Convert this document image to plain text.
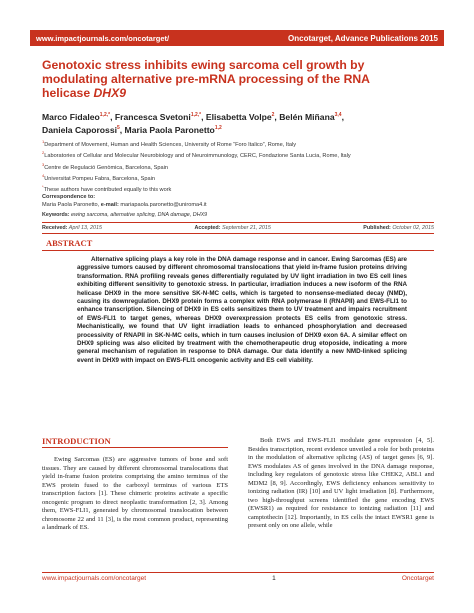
www.impactjournals.com/oncotarget/	Oncotarget, Advance Publications 2015
Genotoxic stress inhibits ewing sarcoma cell growth by
modulating alternative pre-mRNA processing of the RNA
helicase DHX9
Marco Fidaleo$^{1,2,*}$, Francesca Svetoni$^{1,2,*}$, Elisabetta Volpe$^2$, Belén Miñana$^{3,4}$,
Daniela Caporossi$^5$, Maria Paola Paronetto$^{1,2}$
$^1$Department of Movement, Human and Health Sciences, University of Rome “Foro Italico”, Rome, Italy
$^2$Laboratories of Cellular and Molecular Neurobiology and of Neuroimmunology, CERC, Fondazione Santa Lucia, Rome, Italy
$^3$Centre de Regulació Genòmica, Barcelona, Spain
$^4$Universitat Pompeu Fabra, Barcelona, Spain
*These authors have contributed equally to this work
Correspondence to:
Maria Paola Paronetto, e-mail: mariapaola.paronetto@uniroma4.it
Keywords: ewing sarcoma, alternative splicing, DNA damage, DHX9
Received: April 13, 2015	Accepted: September 21, 2015	Published: October 02, 2015
ABSTRACT
Alternative splicing plays a key role in the DNA damage response and in cancer. Ewing Sarcomas (ES) are aggressive tumors caused by different chromosomal translocations that yield in-frame fusion proteins driving transformation. RNA profiling reveals genes differentially regulated by UV light irradiation in two ES cell lines exhibiting different sensitivity to genotoxic stress. In particular, irradiation induces a new isoform of the RNA helicase DHX9 in the more sensitive SK-N-MC cells, which is targeted to nonsense-mediated decay (NMD), causing its downregulation. DHX9 protein forms a complex with RNA polymerase II (RNAPII) and EWS-FLI1 to enhance transcription. Silencing of DHX9 in ES cells sensitizes them to UV treatment and impairs recruitment of EWS-FLI1 to target genes, whereas DHX9 overexpression protects ES cells from genotoxic stress. Mechanistically, we found that UV light irradiation leads to enhanced phosphorylation and decreased processivity of RNAPII in SK-N-MC cells, which in turn causes inclusion of DHX9 exon 6A. A similar effect on DHX9 splicing was also elicited by treatment with the chemotherapeutic drug etoposide, indicating a more general mechanism of regulation in response to DNA damage. Our data identify a new NMD-linked splicing event in DHX9 with impact on EWS-FLI1 oncogenic activity and ES cell viability.
INTRODUCTION
Ewing Sarcomas (ES) are aggressive tumors of bone and soft tissues. They are caused by different chromosomal translocations that yield in-frame fusion proteins comprising the amino terminus of the EWS protein fused to the carboxyl terminus of various ETS transcription factors [1]. These chimeric proteins activate a specific oncogenic program to direct neoplastic transformation [2, 3]. Among them, EWS-FLI1, generated by chromosomal translocation between chromosome 22 and 11 [3], is the most common product, representing a landmark of ES.
Both EWS and EWS-FLI1 modulate gene expression [4, 5]. Besides transcription, recent evidence unveiled a role for both proteins in the modulation of alternative splicing (AS) of target genes [6, 9]. EWS modulates AS of genes involved in the DNA damage response, including key regulators of genotoxic stress like CHEK2, ABL1 and MDM2 [8, 9]. Accordingly, EWS deficiency enhances sensitivity to ionizing radiation (IR) [10] and UV light irradiation [8]. Furthermore, two high-throughput screens identified the gene encoding EWS (EWSR1) as required for resistance to ionizing radiation [11] and camptothecin [12]. Importantly, in ES cells the intact EWSR1 gene is present only on one allele, while
www.impactjournals.com/oncotarget	1	Oncotarget
